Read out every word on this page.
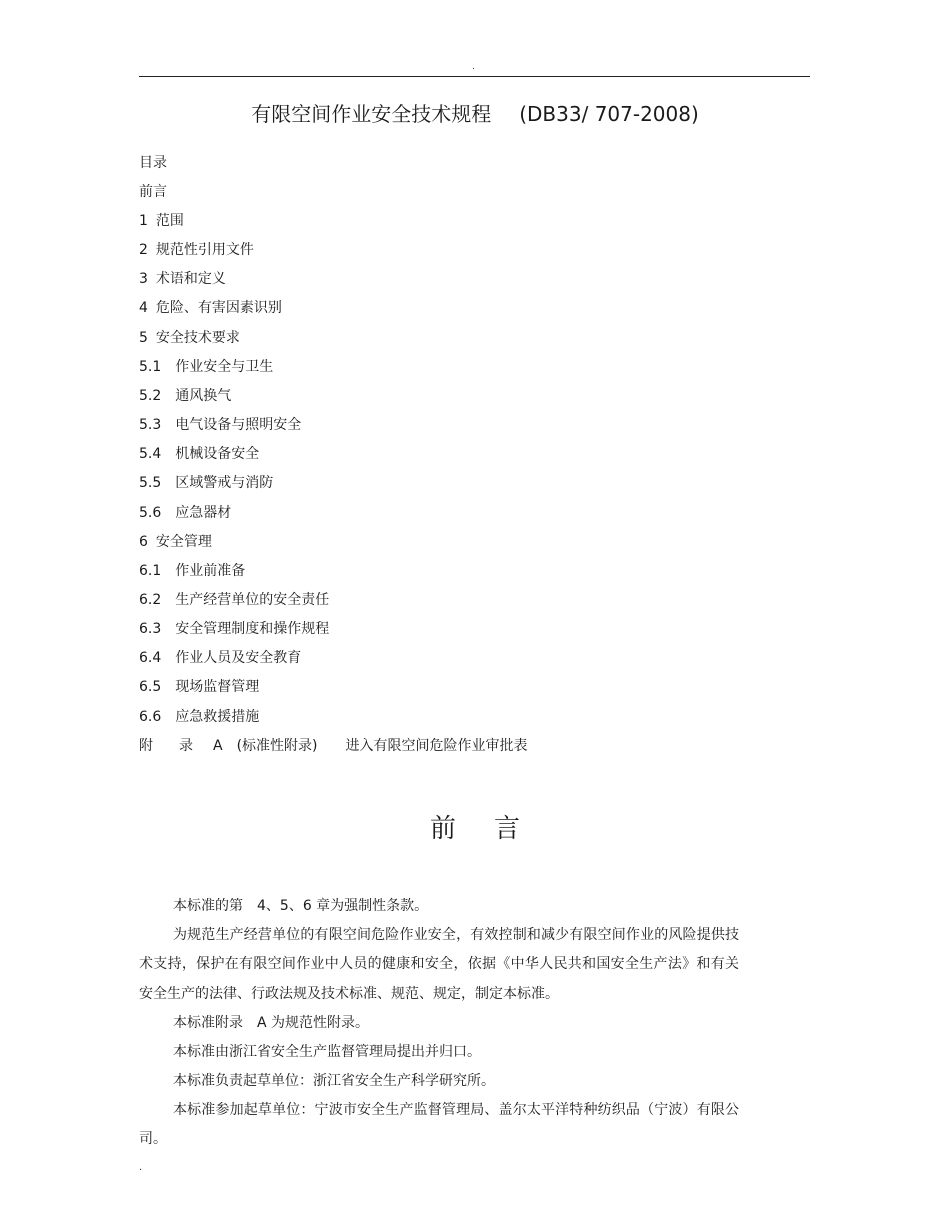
.
有限空间作业安全技术规程 (DB33/ 707-2008)
目录
前言
1 范围
2 规范性引用文件
3 术语和定义
4 危险、有害因素识别
5 安全技术要求
5.1 作业安全与卫生
5.2 通风换气
5.3 电气设备与照明安全
5.4 机械设备安全
5.5 区域警戒与消防
5.6 应急器材
6 安全管理
6.1 作业前准备
6.2 生产经营单位的安全责任
6.3 安全管理制度和操作规程
6.4 作业人员及安全教育
6.5 现场监督管理
6.6 应急救援措施
附 录 A (标准性附录) 进入有限空间危险作业审批表
前 言
本标准的第　4、5、6 章为强制性条款。
为规范生产经营单位的有限空间危险作业安全，有效控制和减少有限空间作业的风险提供技术支持，保护在有限空间作业中人员的健康和安全，依据《中华人民共和国安全生产法》和有关安全生产的法律、行政法规及技术标准、规范、规定，制定本标准。
本标准附录　A 为规范性附录。
本标准由浙江省安全生产监督管理局提出并归口。
本标准负责起草单位：浙江省安全生产科学研究所。
本标准参加起草单位：宁波市安全生产监督管理局、盖尔太平洋特种纺织品（宁波）有限公司。
.
